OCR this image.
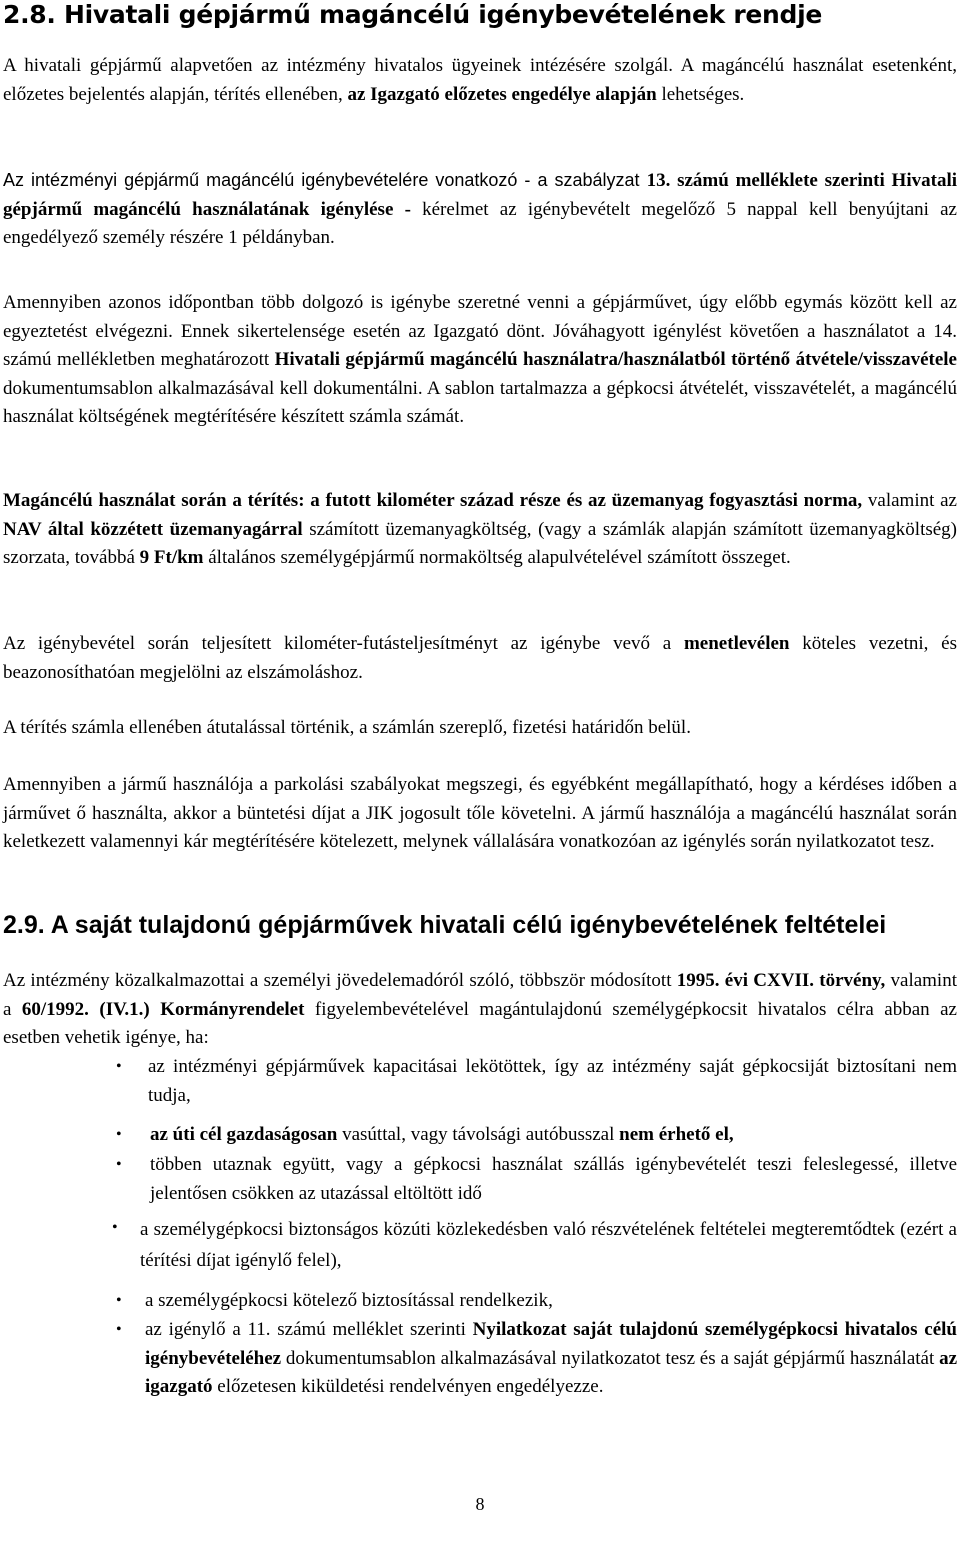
2.8. Hivatali gépjármű magáncélú igénybevételének rendje
A hivatali gépjármű alapvetően az intézmény hivatalos ügyeinek intézésére szolgál. A magáncélú használat esetenként, előzetes bejelentés alapján, térítés ellenében, az Igazgató előzetes engedélye alapján lehetséges.
Az intézményi gépjármű magáncélú igénybevételére vonatkozó - a szabályzat 13. számú melléklete szerinti Hivatali gépjármű magáncélú használatának igénylése - kérelmet az igénybevételt megelőző 5 nappal kell benyújtani az engedélyező személy részére 1 példányban.
Amennyiben azonos időpontban több dolgozó is igénybe szeretné venni a gépjárművet, úgy előbb egymás között kell az egyeztetést elvégezni. Ennek sikertelensége esetén az Igazgató dönt. Jóváhagyott igénylést követően a használatot a 14. számú mellékletben meghatározott Hivatali gépjármű magáncélú használatra/használatból történő átvétele/visszavétele dokumentumsablon alkalmazásával kell dokumentálni. A sablon tartalmazza a gépkocsi átvételét, visszavételét, a magáncélú használat költségének megtérítésére készített számla számát.
Magáncélú használat során a térítés: a futott kilométer század része és az üzemanyag fogyasztási norma, valamint az NAV által közzétett üzemanyagárral számított üzemanyagköltség, (vagy a számlák alapján számított üzemanyagköltség) szorzata, továbbá 9 Ft/km általános személygépjármű normaköltség alapulvételével számított összeget.
Az igénybevétel során teljesített kilométer-futásteljesítményt az igénybe vevő a menetlevélen köteles vezetni, és beazonosíthatóan megjelölni az elszámoláshoz.
A térítés számla ellenében átutalással történik, a számlán szereplő, fizetési határidőn belül.
Amennyiben a jármű használója a parkolási szabályokat megszegi, és egyébként megállapítható, hogy a kérdéses időben a járművet ő használta, akkor a büntetési díjat a JIK jogosult tőle követelni. A jármű használója a magáncélú használat során keletkezett valamennyi kár megtérítésére kötelezett, melynek vállalására vonatkozóan az igénylés során nyilatkozatot tesz.
2.9. A saját tulajdonú gépjárművek hivatali célú igénybevételének feltételei
Az intézmény közalkalmazottai a személyi jövedelemadóról szóló, többször módosított 1995. évi CXVII. törvény, valamint a 60/1992. (IV.1.) Kormányrendelet figyelembevételével magántulajdonú személygépkocsit hivatalos célra abban az esetben vehetik igénye, ha:
• az intézményi gépjárművek kapacitásai lekötöttek, így az intézmény saját gépkocsiját biztosítani nem tudja,
• az úti cél gazdaságosan vasúttal, vagy távolsági autóbusszal nem érhető el,
• többen utaznak együtt, vagy a gépkocsi használat szállás igénybevételét teszi feleslegessé, illetve jelentősen csökken az utazással eltöltött idő
• a személygépkocsi biztonságos közúti közlekedésben való részvételének feltételei megteremtődtek (ezért a térítési díjat igénylő felel),
• a személygépkocsi kötelező biztosítással rendelkezik,
• az igénylő a 11. számú melléklet szerinti Nyilatkozat saját tulajdonú személygépkocsi hivatalos célú igénybevételéhez dokumentumsablon alkalmazásával nyilatkozatot tesz és a saját gépjármű használatát az igazgató előzetesen kiküldetési rendelvényen engedélyezze.
8
